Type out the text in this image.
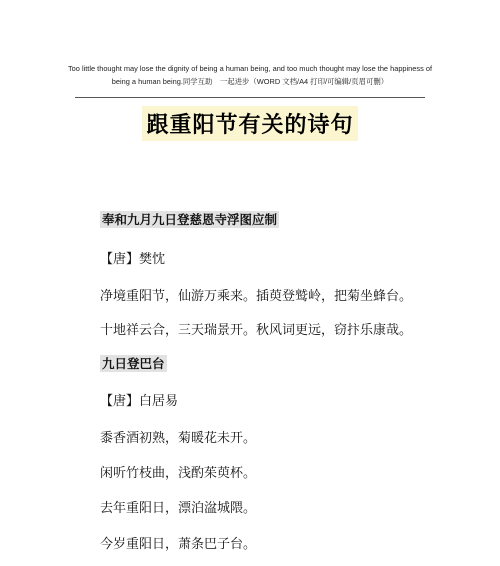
Too little thought may lose the dignity of being a human being, and too much thought may lose the happiness of
being a human being.同学互助　一起进步（WORD 文档/A4 打印/可编辑/页眉可删）
跟重阳节有关的诗句
奉和九月九日登慈恩寺浮图应制
【唐】樊忱
净境重阳节，仙游万乘来。插萸登鹫岭，把菊坐蜂台。
十地祥云合，三天瑞景开。秋风词更远，窃抃乐康哉。
九日登巴台
【唐】白居易
黍香酒初熟，菊暖花未开。
闲听竹枝曲，浅酌茱萸杯。
去年重阳日，漂泊湓城隈。
今岁重阳日，萧条巴子台。
